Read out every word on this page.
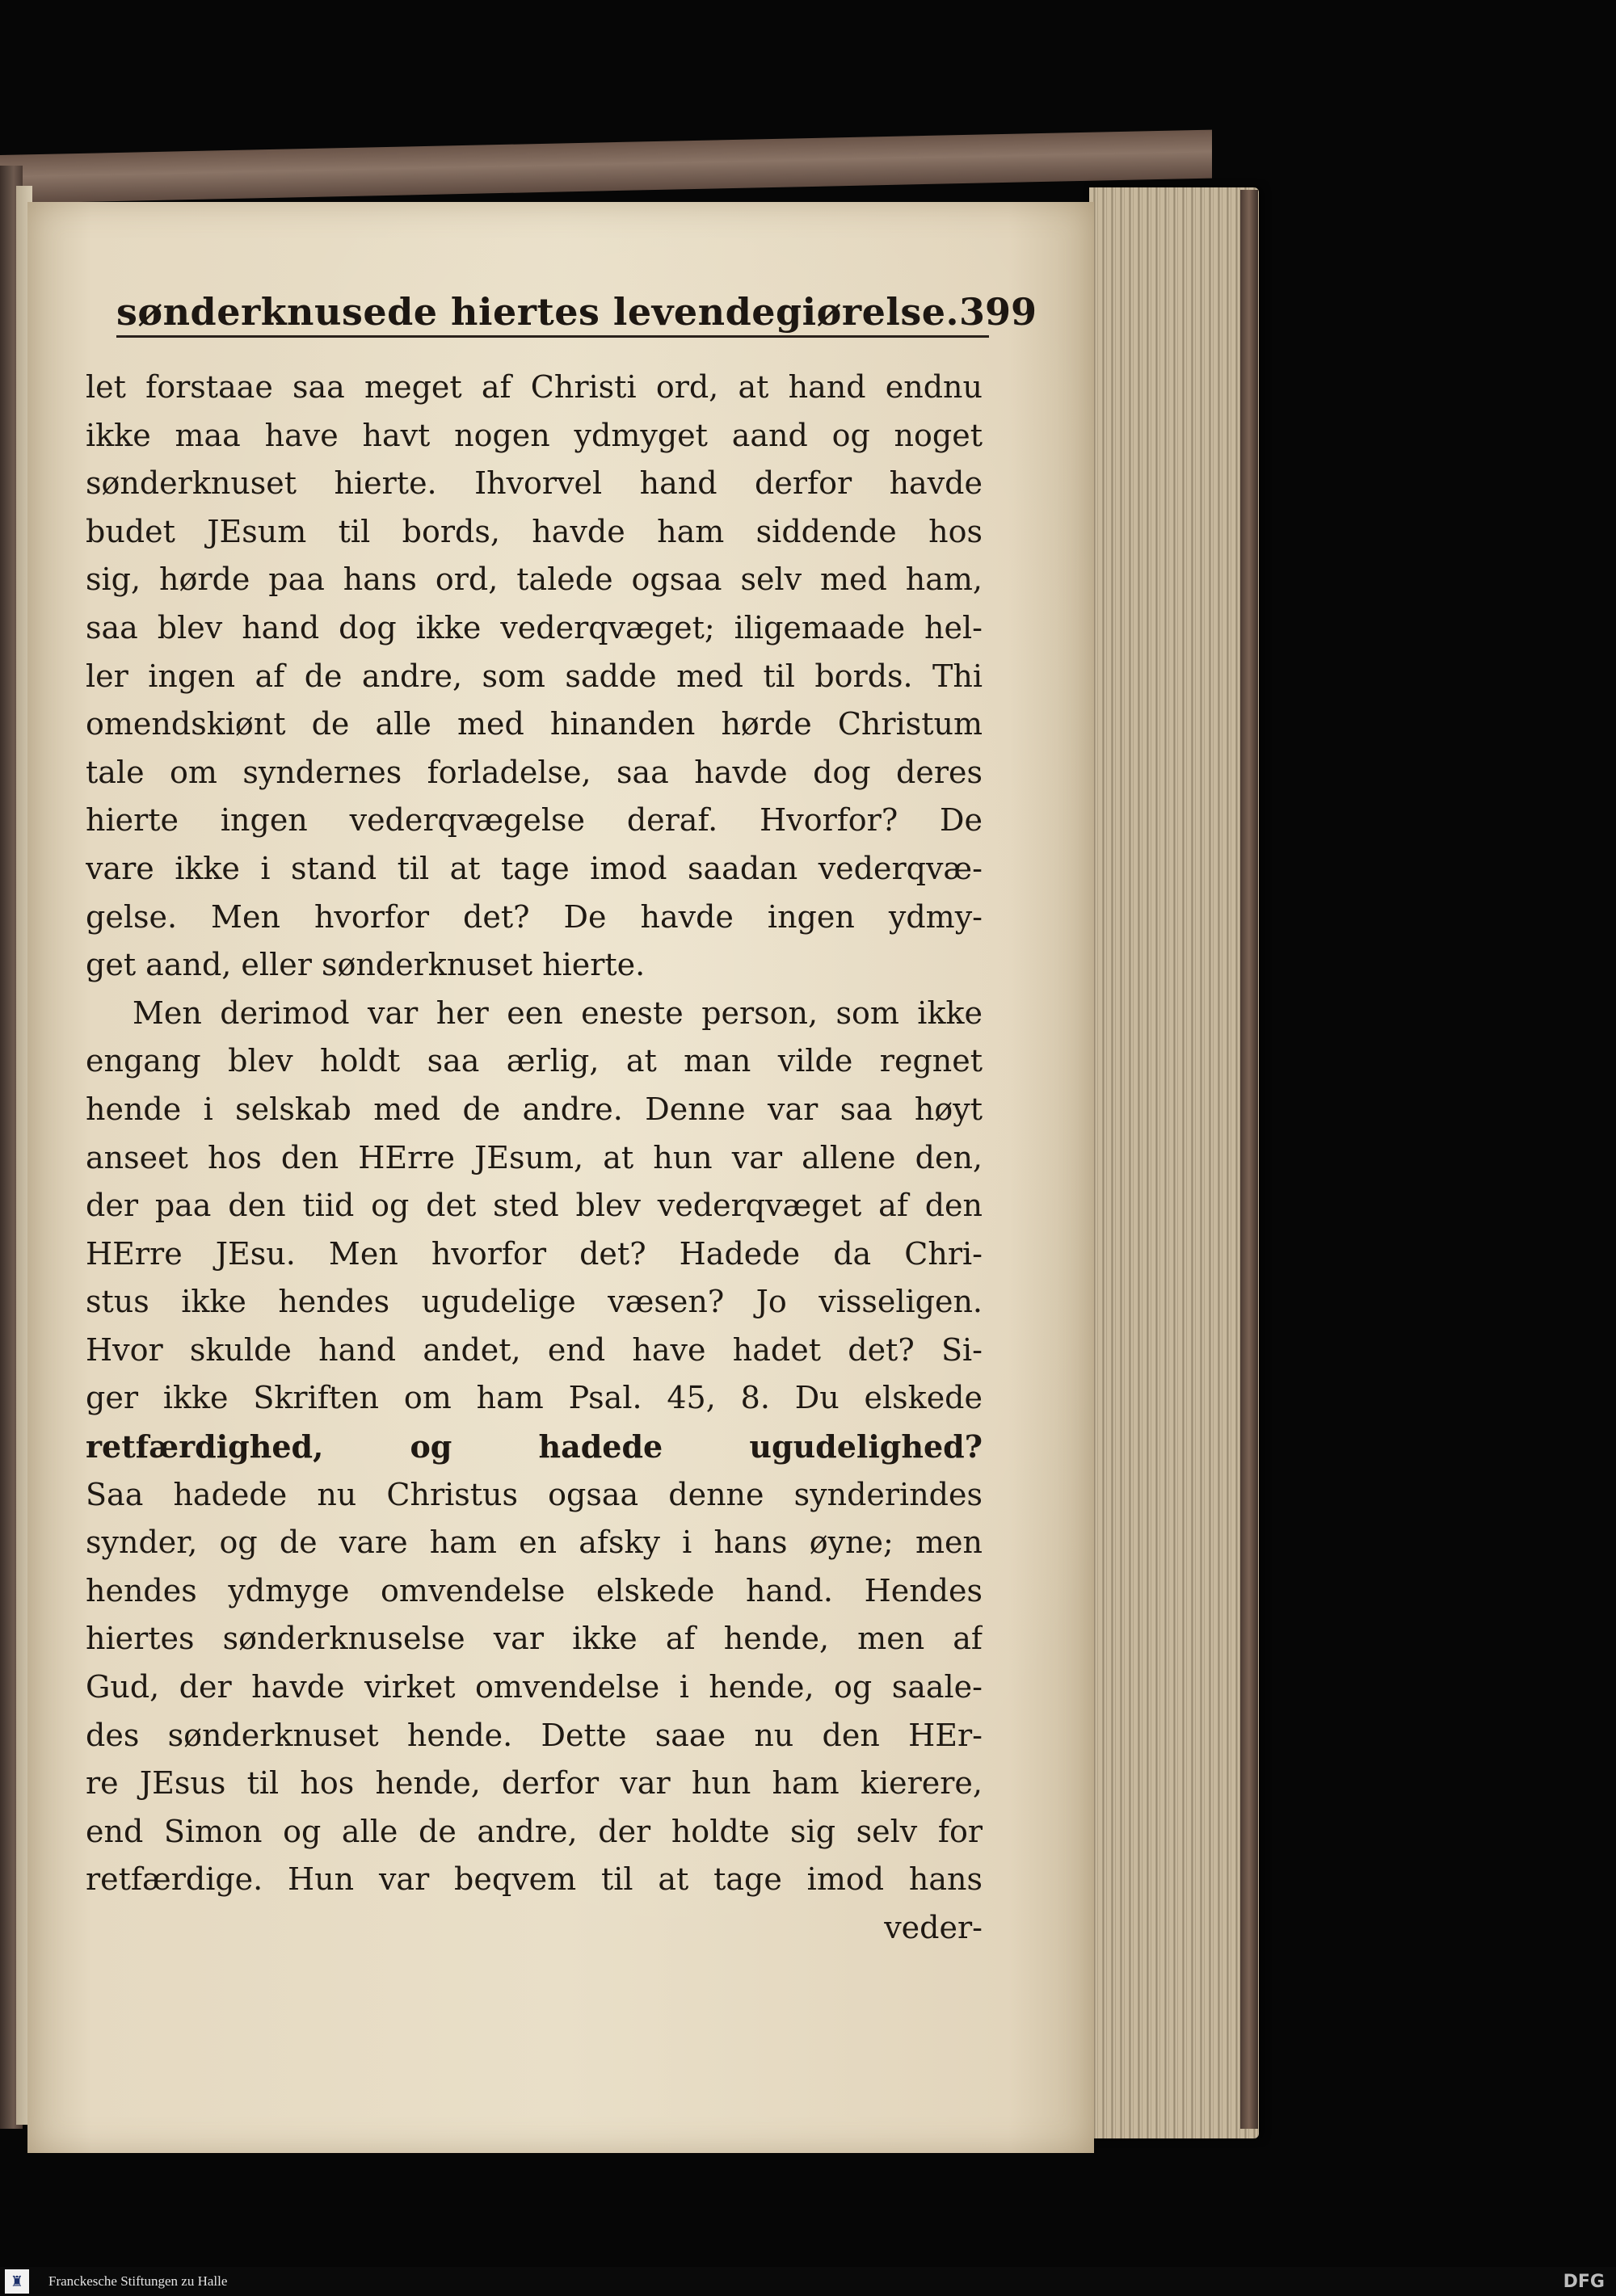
sønderknusede hiertes levendegiørelse. 399
let forstaae saa meget af Christi ord, at hand endnu
ikke maa have havt nogen ydmyget aand og noget
sønderknuset hierte. Ihvorvel hand derfor havde
budet JEsum til bords, havde ham siddende hos
sig, hørde paa hans ord, talede ogsaa selv med ham,
saa blev hand dog ikke vederqvæget; iligemaade hel-
ler ingen af de andre, som sadde med til bords. Thi
omendskiønt de alle med hinanden hørde Christum
tale om syndernes forladelse, saa havde dog deres
hierte ingen vederqvægelse deraf. Hvorfor? De
vare ikke i stand til at tage imod saadan vederqvæ-
gelse. Men hvorfor det? De havde ingen ydmy-
get aand, eller sønderknuset hierte.
Men derimod var her een eneste person, som ikke
engang blev holdt saa ærlig, at man vilde regnet
hende i selskab med de andre. Denne var saa høyt
anseet hos den HErre JEsum, at hun var allene den,
der paa den tiid og det sted blev vederqvæget af den
HErre JEsu. Men hvorfor det? Hadede da Chri-
stus ikke hendes ugudelige væsen? Jo visseligen.
Hvor skulde hand andet, end have hadet det? Si-
ger ikke Skriften om ham Psal. 45, 8. Du elskede
retfærdighed, og hadede ugudelighed?
Saa hadede nu Christus ogsaa denne synderindes
synder, og de vare ham en afsky i hans øyne; men
hendes ydmyge omvendelse elskede hand. Hendes
hiertes sønderknuselse var ikke af hende, men af
Gud, der havde virket omvendelse i hende, og saale-
des sønderknuset hende. Dette saae nu den HEr-
re JEsus til hos hende, derfor var hun ham kierere,
end Simon og alle de andre, der holdte sig selv for
retfærdige. Hun var beqvem til at tage imod hans
veder-
♜	Franckesche Stiftungen zu Halle	DFG
